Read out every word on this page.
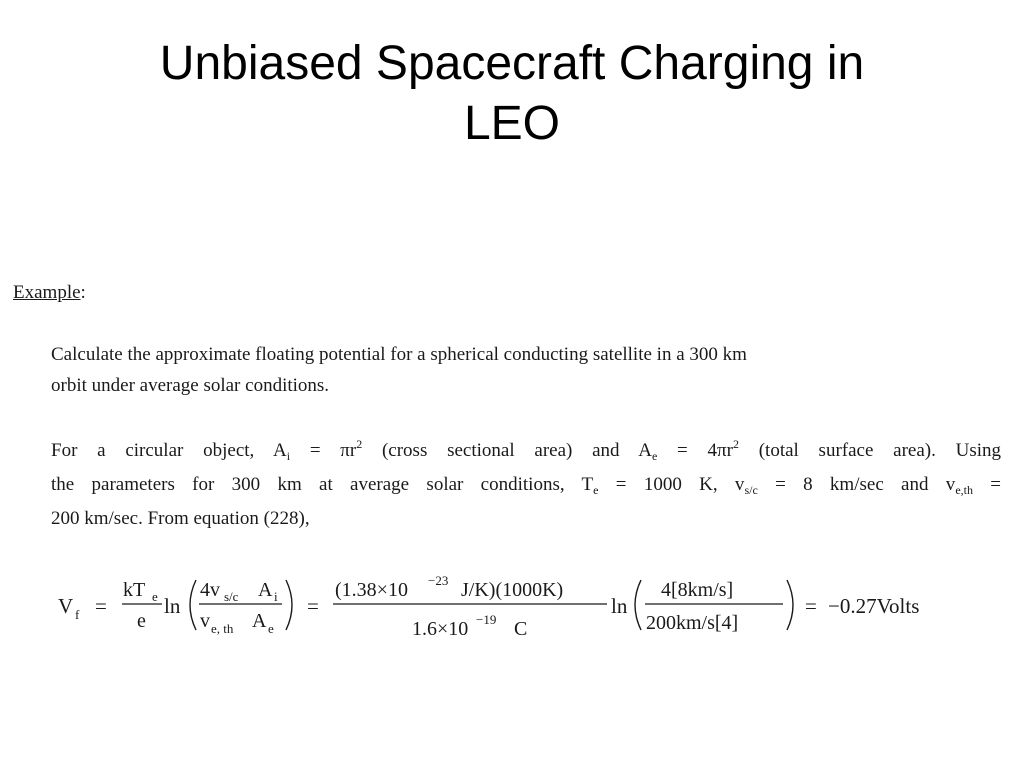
Unbiased Spacecraft Charging in
LEO
Example:
Calculate the approximate floating potential for a spherical conducting satellite in a 300 km
orbit under average solar conditions.
For a circular object, $A_i = \pi r^2$ (cross sectional area) and $A_e = 4\pi r^2$ (total surface area). Using
the parameters for 300 km at average solar conditions, $T_e = 1000$ K, $v_{s/c} = 8$ km/sec and $v_{e,th}$ =
200 km/sec. From equation (228),
V f =
kT e
e
ln
4v s/c A i
v e, th A e
=
(1.38×10 −23 J/K)(1000K)
1.6×10 −19 C
ln
4[8km/s]
200km/s[4]
= −0.27Volts
